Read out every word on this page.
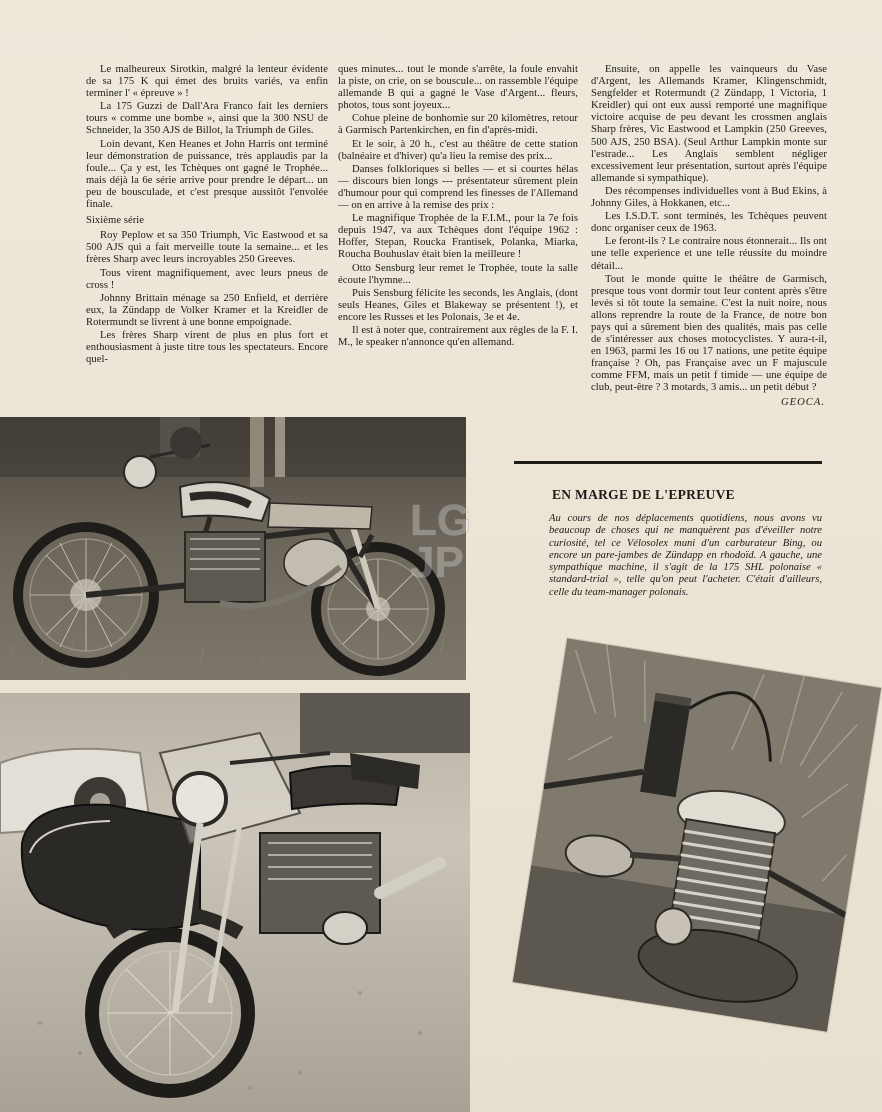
Le malheureux Sirotkin, malgré la lenteur évidente de sa 175 K qui émet des bruits variés, va enfin terminer l' « épreuve » !

La 175 Guzzi de Dall'Ara Franco fait les derniers tours « comme une bombe », ainsi que la 300 NSU de Schneider, la 350 AJS de Billot, la Triumph de Giles.

Loin devant, Ken Heanes et John Harris ont terminé leur démonstration de puissance, très applaudis par la foule... Ça y est, les Tchèques ont gagné le Trophée... mais déjà la 6e série arrive pour prendre le départ... un peu de bousculade, et c'est presque aussitôt l'envolée finale.

Sixième série

Roy Peplow et sa 350 Triumph, Vic Eastwood et sa 500 AJS qui a fait merveille toute la semaine... et les frères Sharp avec leurs incroyables 250 Greeves.

Tous virent magnifiquement, avec leurs pneus de cross !

Johnny Brittain ménage sa 250 Enfield, et derrière eux, la Zündapp de Volker Kramer et la Kreidler de Rotermundt se livrent à une bonne empoignade.

Les frères Sharp virent de plus en plus fort et enthousiasment à juste titre tous les spectateurs. Encore quel-

ques minutes... tout le monde s'arrête, la foule envahit la piste, on crie, on se bouscule... on rassemble l'équipe allemande B qui a gagné le Vase d'Argent... fleurs, photos, tous sont joyeux...

Cohue pleine de bonhomie sur 20 kilomètres, retour à Garmisch Partenkirchen, en fin d'après-midi.

Et le soir, à 20 h., c'est au théâtre de cette station (balnéaire et d'hiver) qu'a lieu la remise des prix...

Danses folkloriques si belles — et si courtes hélas — discours bien longs --- présentateur sûrement plein d'humour pour qui comprend les finesses de l'Allemand — on en arrive à la remise des prix :

Le magnifique Trophée de la F.I.M., pour la 7e fois depuis 1947, va aux Tchèques dont l'équipe 1962 : Hoffer, Stepan, Roucka Frantisek, Polanka, Miarka, Roucha Bouhuslav était bien la meilleure !

Otto Sensburg leur remet le Trophée, toute la salle écoute l'hymne...

Puis Sensburg félicite les seconds, les Anglais, (dont seuls Heanes, Giles et Blakeway se présentent !), et encore les Russes et les Polonais, 3e et 4e.

Il est à noter que, contrairement aux règles de la F. I. M., le speaker n'annonce qu'en allemand.

Ensuite, on appelle les vainqueurs du Vase d'Argent, les Allemands Kramer, Klingenschmidt, Sengfelder et Rotermundt (2 Zündapp, 1 Victoria, 1 Kreidler) qui ont eux aussi remporté une magnifique victoire acquise de peu devant les crossmen anglais Sharp frères, Vic Eastwood et Lampkin (250 Greeves, 500 AJS, 250 BSA). (Seul Arthur Lampkin monte sur l'estrade... Les Anglais semblent négliger excessivement leur présentation, surtout après l'équipe allemande si sympathique).

Des récompenses individuelles vont à Bud Ekins, à Johnny Giles, à Hokkanen, etc...

Les I.S.D.T. sont terminés, les Tchèques peuvent donc organiser ceux de 1963.

Le feront-ils ? Le contraire nous étonnerait... Ils ont une telle experience et une telle réussite du moindre détail...

Tout le monde quitte le théâtre de Garmisch, presque tous vont dormir tout leur content après s'être levés si tôt toute la semaine. C'est la nuit noire, nous allons reprendre la route de la France, de notre bon pays qui a sûrement bien des qualités, mais pas celle de s'intéresser aux choses motocyclistes. Y aura-t-il, en 1963, parmi les 16 ou 17 nations, une petite équipe française ? Oh, pas Française avec un F majuscule comme FFM, mais un petit f timide — une équipe de club, peut-être ? 3 motards, 3 amis... un petit début ?

GEOCA.

EN MARGE DE L'EPREUVE
Au cours de nos déplacements quotidiens, nous avons vu beaucoup de choses qui ne manquèrent pas d'éveiller notre curiosité, tel ce Vélosolex muni d'un carburateur Bing, ou encore un pare-jambes de Zündapp en rhodoïd. A gauche, une sympathique machine, il s'agit de la 175 SHL polonaise « standard-trial », telle qu'on peut l'acheter. C'était d'ailleurs, celle du team-manager polonais.
LG JP
